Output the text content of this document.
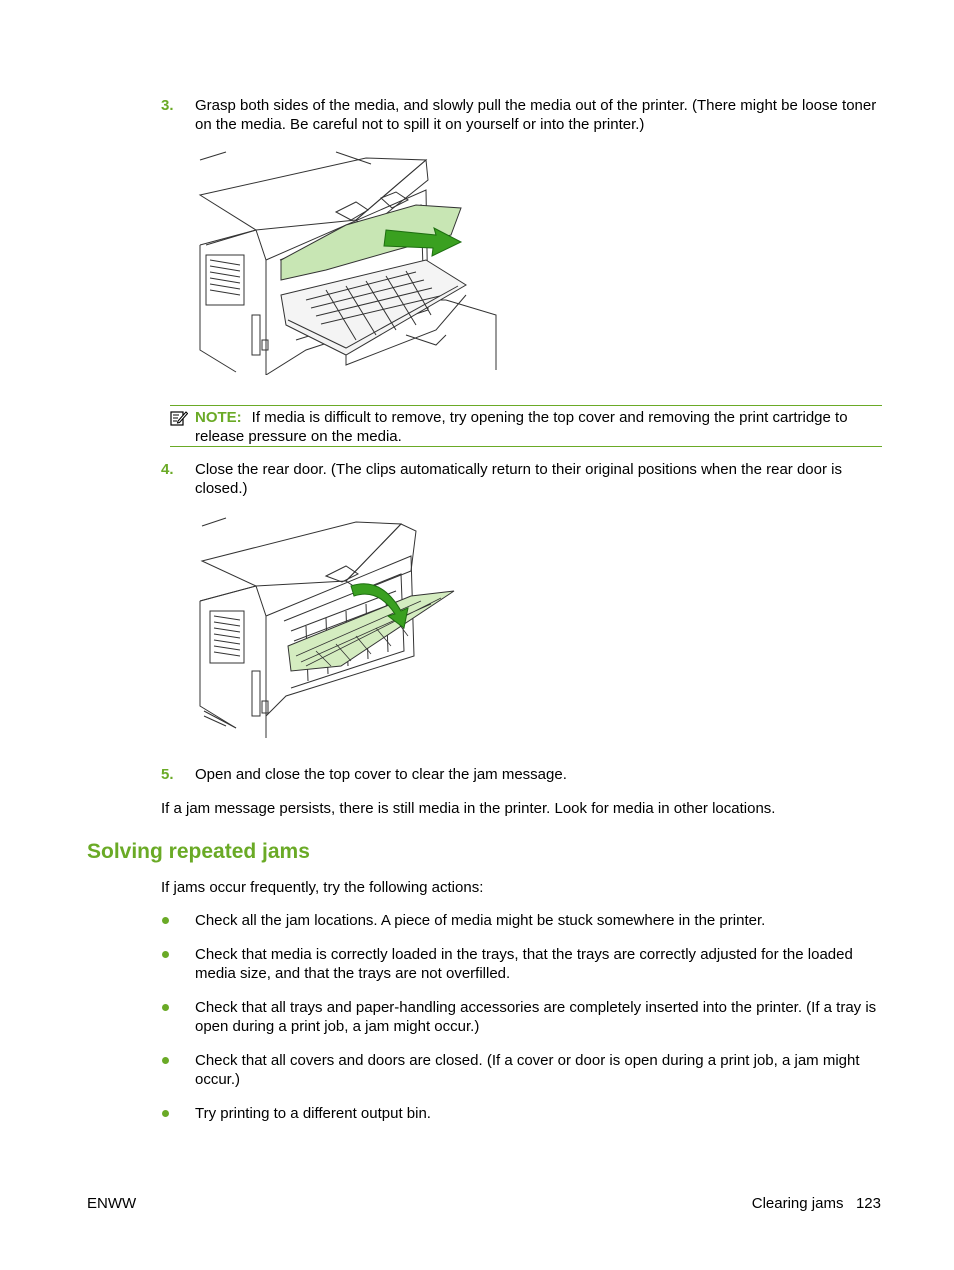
3. Grasp both sides of the media, and slowly pull the media out of the printer. (There might be loose toner on the media. Be careful not to spill it on yourself or into the printer.)
NOTE: If media is difficult to remove, try opening the top cover and removing the print cartridge to release pressure on the media.
4. Close the rear door. (The clips automatically return to their original positions when the rear door is closed.)
5. Open and close the top cover to clear the jam message.
If a jam message persists, there is still media in the printer. Look for media in other locations.
Solving repeated jams
If jams occur frequently, try the following actions:
Check all the jam locations. A piece of media might be stuck somewhere in the printer.
Check that media is correctly loaded in the trays, that the trays are correctly adjusted for the loaded media size, and that the trays are not overfilled.
Check that all trays and paper-handling accessories are completely inserted into the printer. (If a tray is open during a print job, a jam might occur.)
Check that all covers and doors are closed. (If a cover or door is open during a print job, a jam might occur.)
Try printing to a different output bin.
ENWW	Clearing jams 123
